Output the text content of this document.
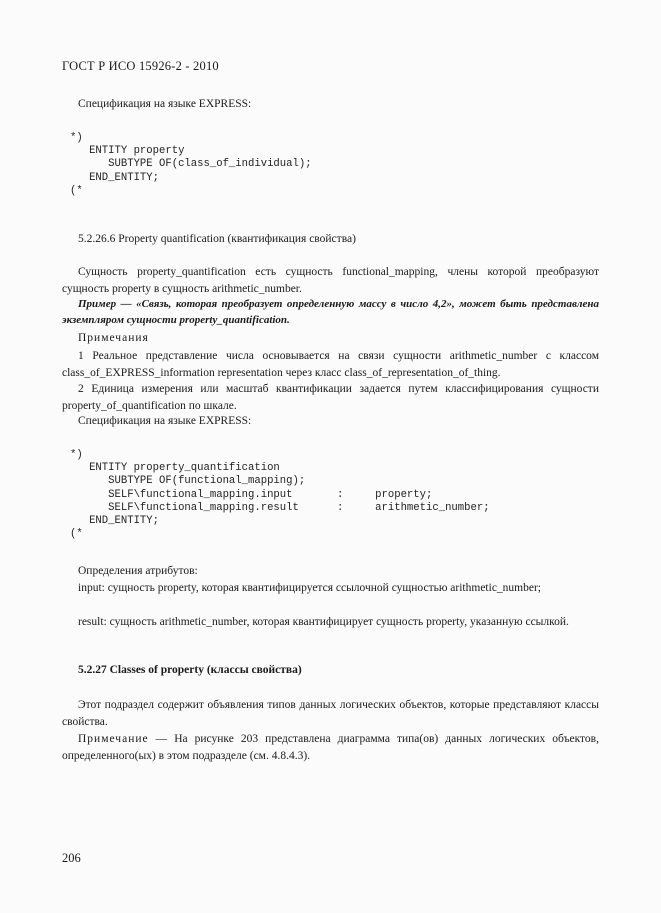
ГОСТ Р ИСО 15926-2 - 2010
Спецификация на языке EXPRESS:
*)
ENTITY property
SUBTYPE OF(class_of_individual);
END_ENTITY;
(*
5.2.26.6 Property quantification (квантификация свойства)
Сущность property_quantification есть сущность functional_mapping, члены которой преобразуют сущность property в сущность arithmetic_number.
Пример — «Связь, которая преобразует определенную массу в число 4,2», может быть представлена экземпляром сущности property_quantification.
Примечания
1 Реальное представление числа основывается на связи сущности arithmetic_number с классом class_of_EXPRESS_information representation через класс class_of_representation_of_thing.
2 Единица измерения или масштаб квантификации задается путем классифицирования сущности property_of_quantification по шкале.
Спецификация на языке EXPRESS:
*)
ENTITY property_quantification
SUBTYPE OF(functional_mapping);
SELF\functional_mapping.input       :     property;
SELF\functional_mapping.result      :     arithmetic_number;
END_ENTITY;
(*
Определения атрибутов:
input: сущность property, которая квантифицируется ссылочной сущностью arithmetic_number;
result: сущность arithmetic_number, которая квантифицирует сущность property, указанную ссылкой.
5.2.27 Classes of property (классы свойства)
Этот подраздел содержит объявления типов данных логических объектов, которые представляют классы свойства.
Примечание — На рисунке 203 представлена диаграмма типа(ов) данных логических объектов, определенного(ых) в этом подразделе (см. 4.8.4.3).
206
